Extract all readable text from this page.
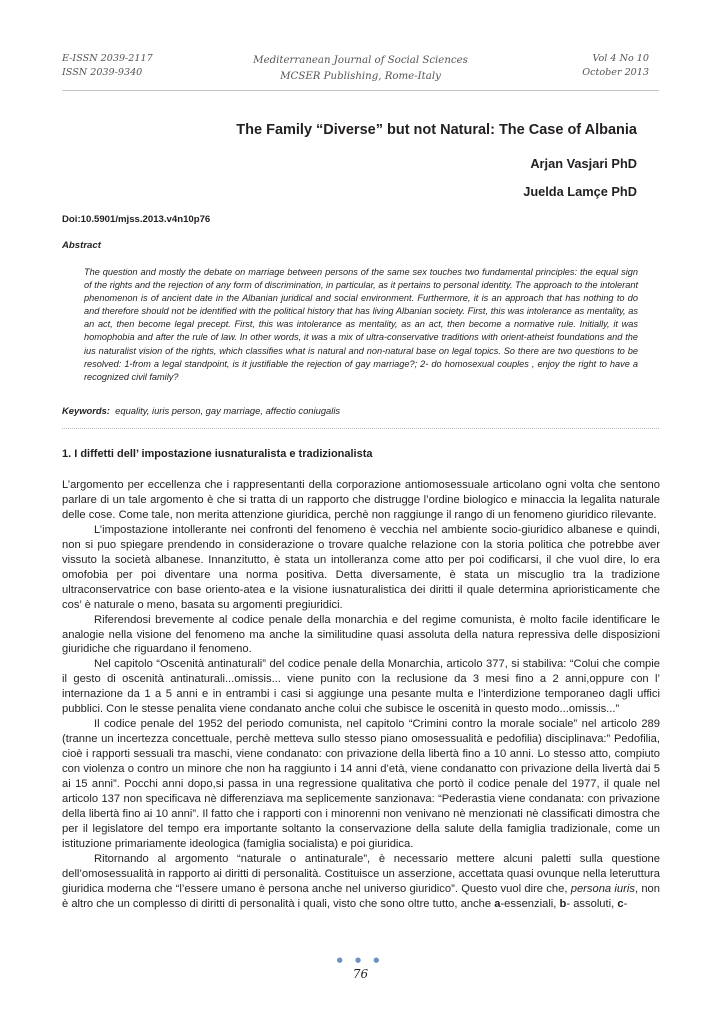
E-ISSN 2039-2117
ISSN 2039-9340
Mediterranean Journal of Social Sciences
MCSER Publishing, Rome-Italy
Vol 4 No 10
October 2013
The Family “Diverse” but not Natural: The Case of Albania
Arjan Vasjari PhD
Juelda Lamçe PhD
Doi:10.5901/mjss.2013.v4n10p76
Abstract

The question and mostly the debate on marriage between persons of the same sex touches two fundamental principles: the equal sign of the rights and the rejection of any form of discrimination, in particular, as it pertains to personal identity. The approach to the intolerant phenomenon is of ancient date in the Albanian juridical and social environment. Furthermore, it is an approach that has nothing to do and therefore should not be identified with the political history that has living Albanian society. First, this was intolerance as mentality, as an act, then become legal precept. First, this was intolerance as mentality, as an act, then become a normative rule. Initially, it was homophobia and after the rule of law. In other words, it was a mix of ultra-conservative traditions with orient-atheist foundations and the ius naturalist vision of the rights, which classifies what is natural and non-natural base on legal topics. So there are two questions to be resolved: 1-from a legal standpoint, is it justifiable the rejection of gay marriage?; 2- do homosexual couples , enjoy the right to have a recognized civil family?

Keywords: equality, iuris person, gay marriage, affectio coniugalis
1. I diffetti dell’ impostazione iusnaturalista e tradizionalista

L’argomento per eccellenza che i rappresentanti della corporazione antiomosessuale articolano ogni volta che sentono parlare di un tale argomento è che si tratta di un rapporto che distrugge l’ordine biologico e minaccia la legalita naturale delle cose. Come tale, non merita attenzione giuridica, perchè non raggiunge il rango di un fenomeno giuridico rilevante.

L’impostazione intollerante nei confronti del fenomeno è vecchia nel ambiente socio-giuridico albanese e quindi, non si puo spiegare prendendo in considerazione o trovare qualche relazione con la storia politica che potrebbe aver vissuto la società albanese. Innanzitutto, è stata un intolleranza come atto per poi codificarsi, il che vuol dire, lo era omofobia per poi diventare una norma positiva. Detta diversamente, è stata un miscuglio tra la tradizione ultraconservatrice con base oriento-atea e la visione iusnaturalistica dei diritti il quale determina aprioristicamente che cos’ è naturale o meno, basata su argomenti pregiuridici.

Riferendosi brevemente al codice penale della monarchia e del regime comunista, è molto facile identificare le analogie nella visione del fenomeno ma anche la similitudine quasi assoluta della natura repressiva delle disposizioni giuridiche che riguardano il fenomeno.

Nel capitolo “Oscenità antinaturali” del codice penale della Monarchia, articolo 377, si stabiliva: “Colui che compie il gesto di oscenità antinaturali...omissis... viene punito con la reclusione da 3 mesi fino a 2 anni,oppure con l’ internazione da 1 a 5 anni e in entrambi i casi si aggiunge una pesante multa e l’interdizione temporaneo dagli uffici pubblici. Con le stesse penalita viene condanato anche colui che subisce le oscenità in questo modo...omissis...”

Il codice penale del 1952 del periodo comunista, nel capitolo “Crimini contro la morale sociale” nel articolo 289 (tranne un incertezza concettuale, perchè metteva sullo stesso piano omosessualità e pedofilia) disciplinava:” Pedofilia, cioè i rapporti sessuali tra maschi, viene condanato: con privazione della libertà fino a 10 anni. Lo stesso atto, compiuto con violenza o contro un minore che non ha raggiunto i 14 anni d’età, viene condanatto con privazione della livertà dai 5 ai 15 anni”. Pocchi anni dopo,si passa in una regressione qualitativa che portò il codice penale del 1977, il quale nel articolo 137 non specificava nè differenziava ma seplicemente sanzionava: “Pederastia viene condanata: con privazione della libertà fino ai 10 anni”. Il fatto che i rapporti con i minorenni non venivano nè menzionati nè classificati dimostra che per il legislatore del tempo era importante soltanto la conservazione della salute della famiglia tradizionale, come un istituzione primariamente ideologica (famiglia socialista) e poi giuridica.

Ritornando al argomento “naturale o antinaturale”, è necessario mettere alcuni paletti sulla questione dell’omosessualità in rapporto ai diritti di personalità. Costituisce un asserzione, accettata quasi ovunque nella leteruttura giuridica moderna che “l’essere umano è persona anche nel universo giuridico”. Questo vuol dire che, persona iuris, non è altro che un complesso di diritti di personalità i quali, visto che sono oltre tutto, anche a-essenziali, b- assoluti, c-

● ● ●
76
